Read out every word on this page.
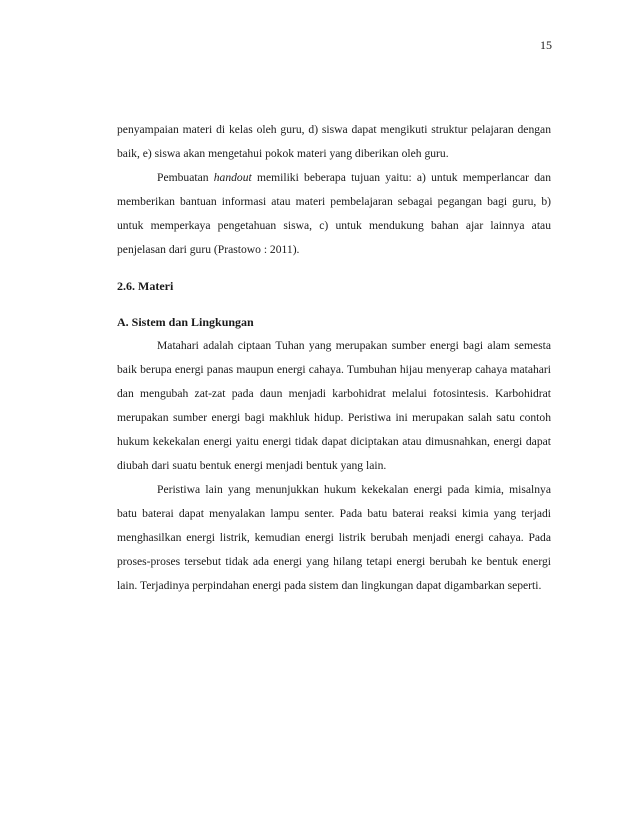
15

penyampaian materi di kelas oleh guru, d) siswa dapat mengikuti struktur pelajaran dengan baik, e) siswa akan mengetahui pokok materi yang diberikan oleh guru.

Pembuatan handout memiliki beberapa tujuan yaitu: a) untuk memperlancar dan memberikan bantuan informasi atau materi pembelajaran sebagai pegangan bagi guru, b) untuk memperkaya pengetahuan siswa, c) untuk mendukung bahan ajar lainnya atau penjelasan dari guru (Prastowo : 2011).

2.6. Materi

A. Sistem dan Lingkungan

Matahari adalah ciptaan Tuhan yang merupakan sumber energi bagi alam semesta baik berupa energi panas maupun energi cahaya. Tumbuhan hijau menyerap cahaya matahari dan mengubah zat-zat pada daun menjadi karbohidrat melalui fotosintesis. Karbohidrat merupakan sumber energi bagi makhluk hidup. Peristiwa ini merupakan salah satu contoh hukum kekekalan energi yaitu energi tidak dapat diciptakan atau dimusnahkan, energi dapat diubah dari suatu bentuk energi menjadi bentuk yang lain.

Peristiwa lain yang menunjukkan hukum kekekalan energi pada kimia, misalnya batu baterai dapat menyalakan lampu senter. Pada batu baterai reaksi kimia yang terjadi menghasilkan energi listrik, kemudian energi listrik berubah menjadi energi cahaya. Pada proses-proses tersebut tidak ada energi yang hilang tetapi energi berubah ke bentuk energi lain. Terjadinya perpindahan energi pada sistem dan lingkungan dapat digambarkan seperti.
